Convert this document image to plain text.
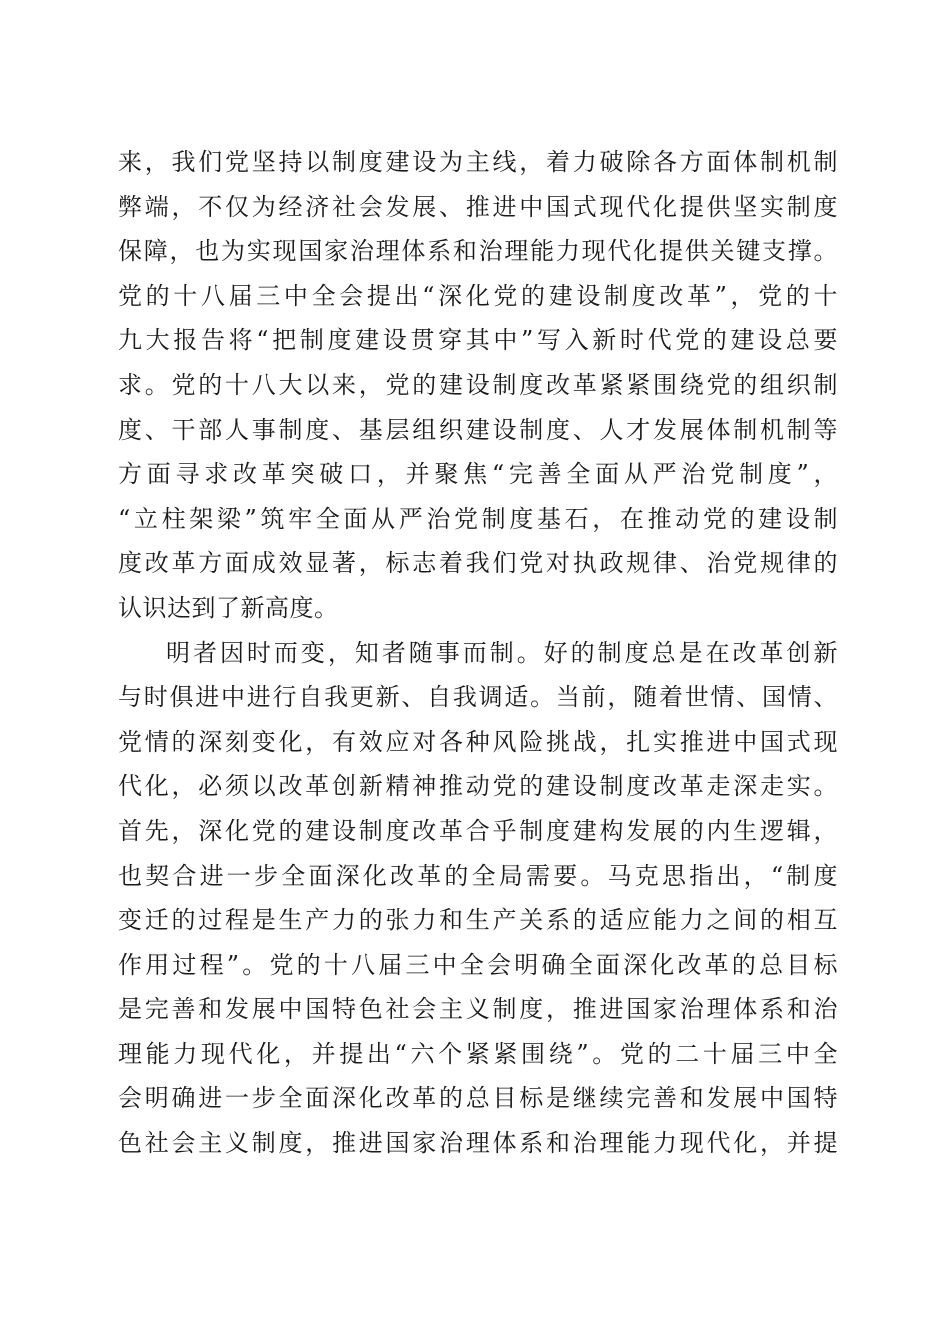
来，我们党坚持以制度建设为主线，着力破除各方面体制机制
弊端，不仅为经济社会发展、推进中国式现代化提供坚实制度
保障，也为实现国家治理体系和治理能力现代化提供关键支撑。
党的十八届三中全会提出“深化党的建设制度改革”，党的十
九大报告将“把制度建设贯穿其中”写入新时代党的建设总要
求。党的十八大以来，党的建设制度改革紧紧围绕党的组织制
度、干部人事制度、基层组织建设制度、人才发展体制机制等
方面寻求改革突破口，并聚焦“完善全面从严治党制度”，
“立柱架梁”筑牢全面从严治党制度基石，在推动党的建设制
度改革方面成效显著，标志着我们党对执政规律、治党规律的
认识达到了新高度。
明者因时而变，知者随事而制。好的制度总是在改革创新
与时俱进中进行自我更新、自我调适。当前，随着世情、国情、
党情的深刻变化，有效应对各种风险挑战，扎实推进中国式现
代化，必须以改革创新精神推动党的建设制度改革走深走实。
首先，深化党的建设制度改革合乎制度建构发展的内生逻辑，
也契合进一步全面深化改革的全局需要。马克思指出，“制度
变迁的过程是生产力的张力和生产关系的适应能力之间的相互
作用过程”。党的十八届三中全会明确全面深化改革的总目标
是完善和发展中国特色社会主义制度，推进国家治理体系和治
理能力现代化，并提出“六个紧紧围绕”。党的二十届三中全
会明确进一步全面深化改革的总目标是继续完善和发展中国特
色社会主义制度，推进国家治理体系和治理能力现代化，并提
